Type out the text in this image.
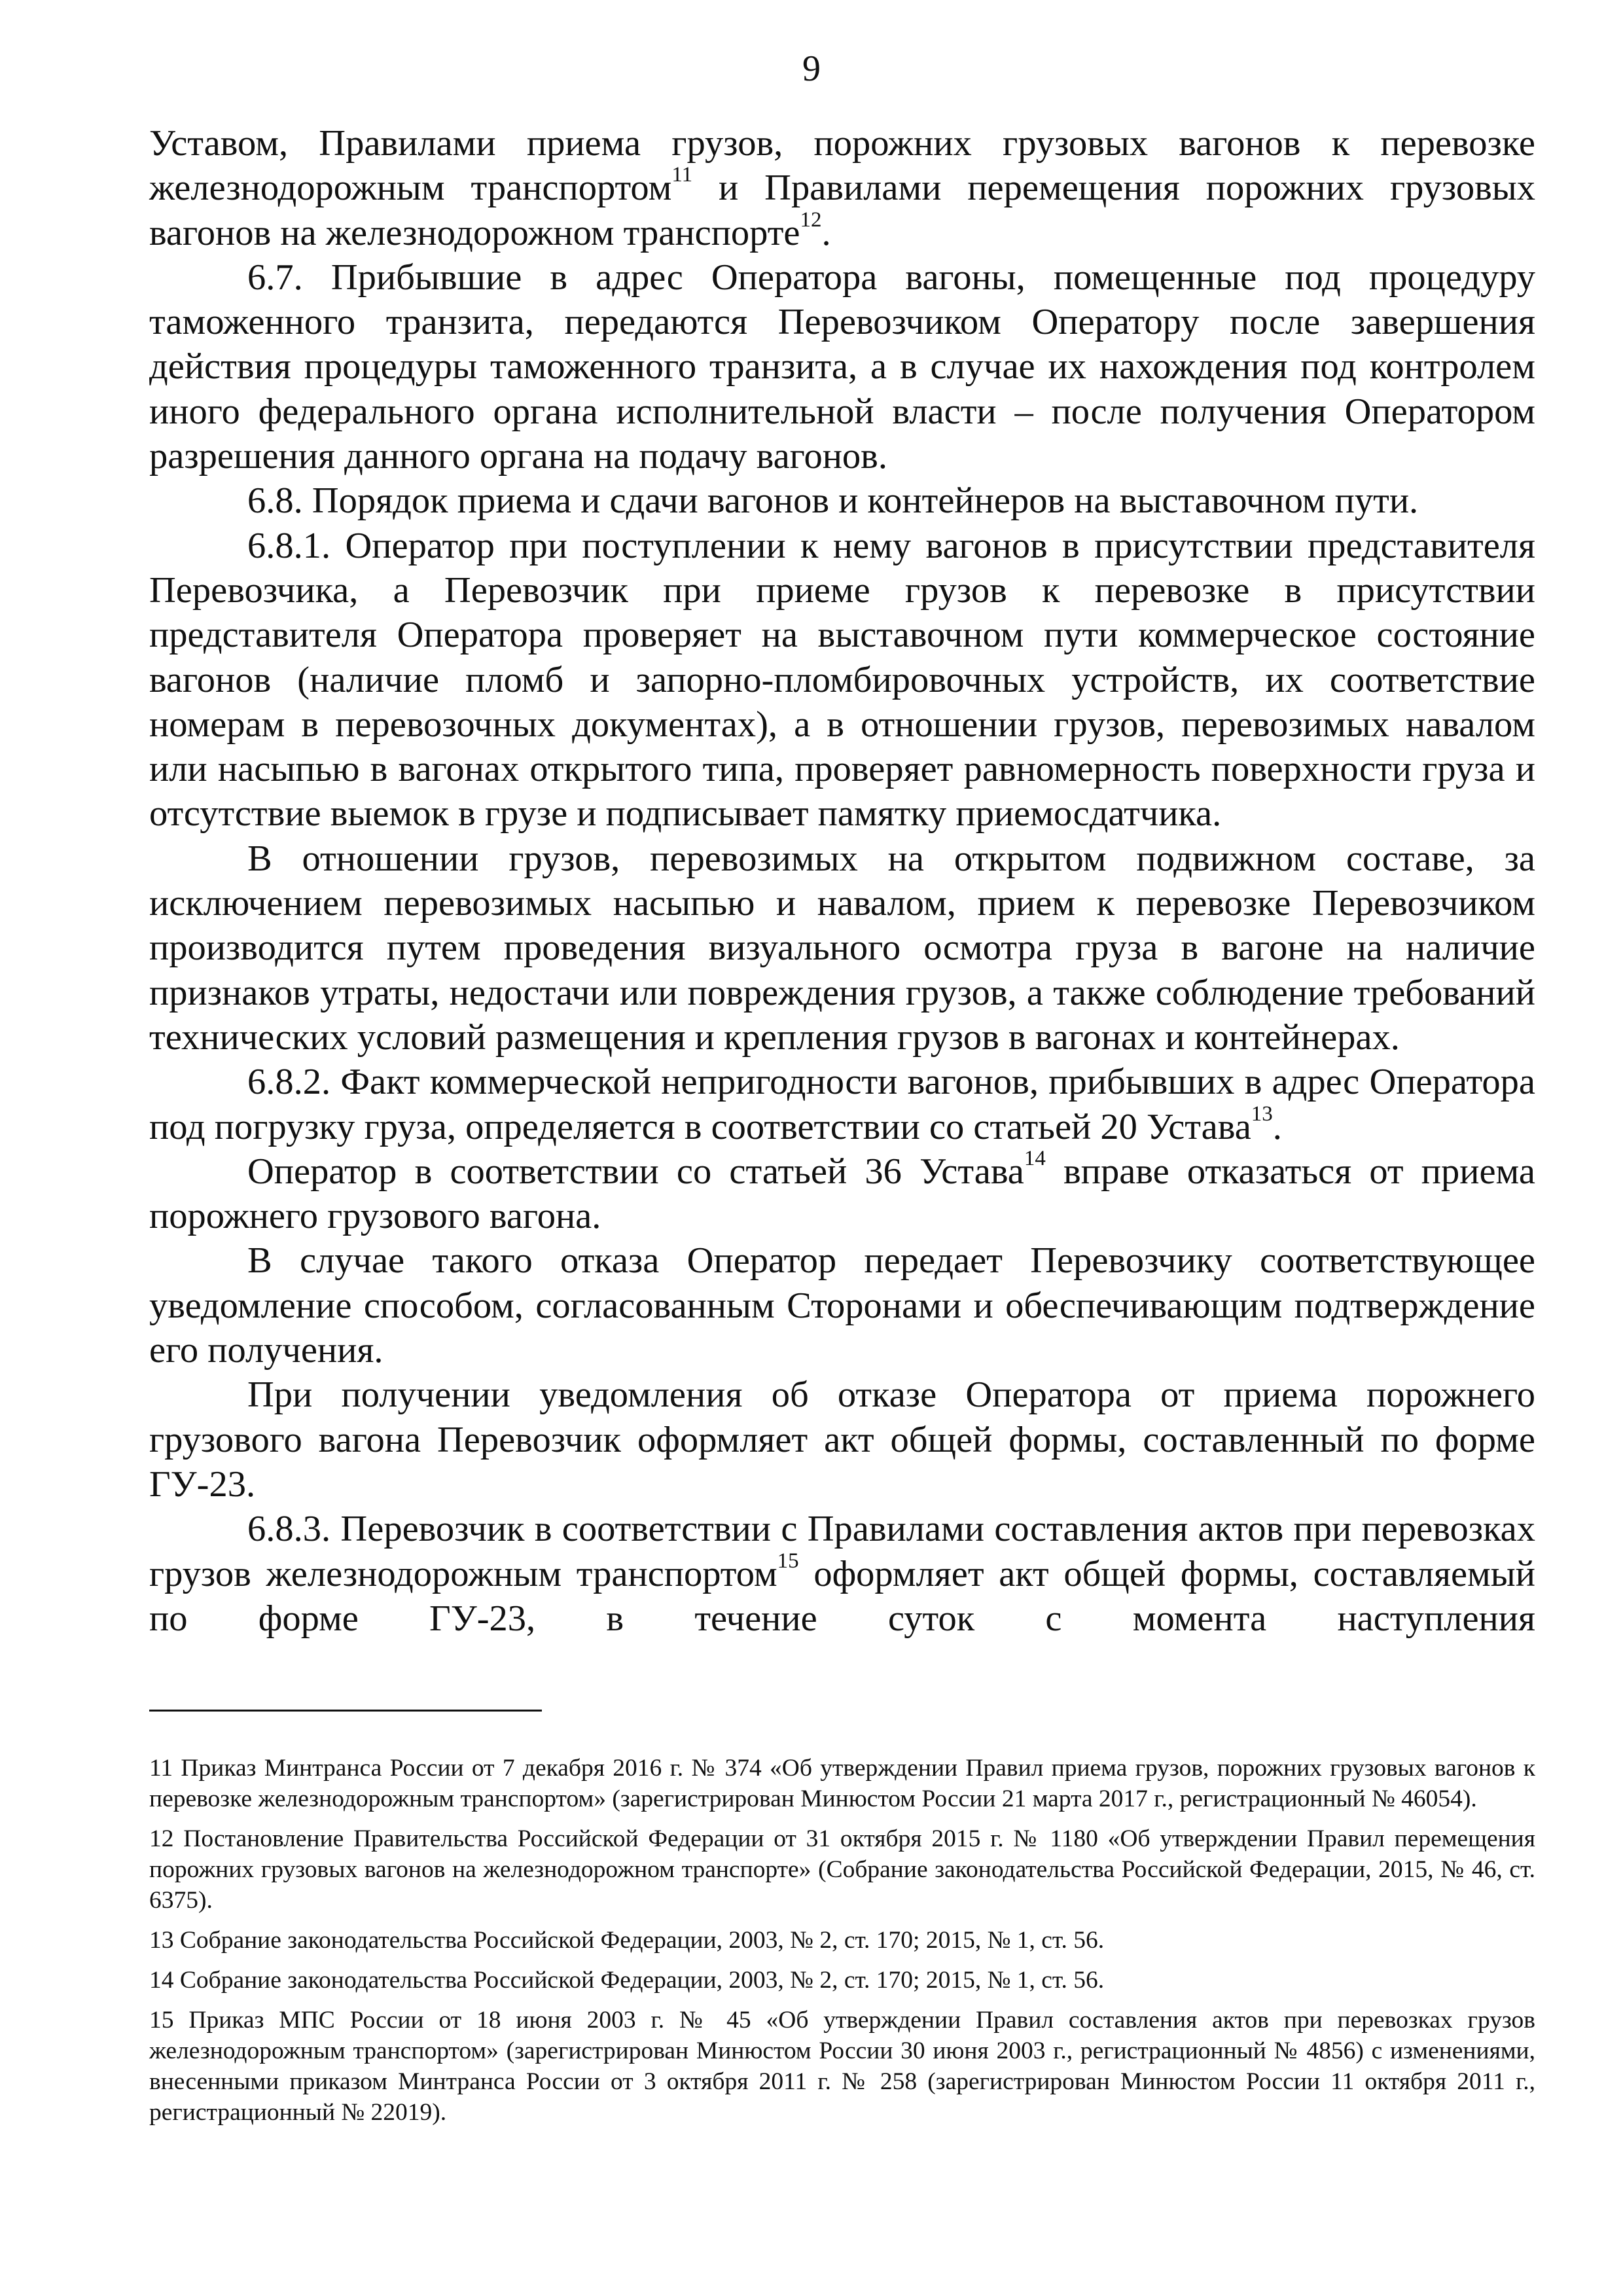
9

Уставом, Правилами приема грузов, порожних грузовых вагонов к перевозке железнодорожным транспортом$^{11}$ и Правилами перемещения порожних грузовых вагонов на железнодорожном транспорте$^{12}$.

6.7. Прибывшие в адрес Оператора вагоны, помещенные под процедуру таможенного транзита, передаются Перевозчиком Оператору после завершения действия процедуры таможенного транзита, а в случае их нахождения под контролем иного федерального органа исполнительной власти – после получения Оператором разрешения данного органа на подачу вагонов.

6.8. Порядок приема и сдачи вагонов и контейнеров на выставочном пути.

6.8.1. Оператор при поступлении к нему вагонов в присутствии представителя Перевозчика, а Перевозчик при приеме грузов к перевозке в присутствии представителя Оператора проверяет на выставочном пути коммерческое состояние вагонов (наличие пломб и запорно-пломбировочных устройств, их соответствие номерам в перевозочных документах), а в отношении грузов, перевозимых навалом или насыпью в вагонах открытого типа, проверяет равномерность поверхности груза и отсутствие выемок в грузе и подписывает памятку приемосдатчика.

В отношении грузов, перевозимых на открытом подвижном составе, за исключением перевозимых насыпью и навалом, прием к перевозке Перевозчиком производится путем проведения визуального осмотра груза в вагоне на наличие признаков утраты, недостачи или повреждения грузов, а также соблюдение требований технических условий размещения и крепления грузов в вагонах и контейнерах.

6.8.2. Факт коммерческой непригодности вагонов, прибывших в адрес Оператора под погрузку груза, определяется в соответствии со статьей 20 Устава$^{13}$.

Оператор в соответствии со статьей 36 Устава$^{14}$ вправе отказаться от приема порожнего грузового вагона.

В случае такого отказа Оператор передает Перевозчику соответствующее уведомление способом, согласованным Сторонами и обеспечивающим подтверждение его получения.

При получении уведомления об отказе Оператора от приема порожнего грузового вагона Перевозчик оформляет акт общей формы, составленный по форме ГУ-23.

6.8.3. Перевозчик в соответствии с Правилами составления актов при перевозках грузов железнодорожным транспортом$^{15}$ оформляет акт общей формы, составляемый по форме ГУ-23, в течение суток с момента наступления

11 Приказ Минтранса России от 7 декабря 2016 г. № 374 «Об утверждении Правил приема грузов, порожних грузовых вагонов к перевозке железнодорожным транспортом» (зарегистрирован Минюстом России 21 марта 2017 г., регистрационный № 46054).

12 Постановление Правительства Российской Федерации от 31 октября 2015 г. № 1180 «Об утверждении Правил перемещения порожних грузовых вагонов на железнодорожном транспорте» (Собрание законодательства Российской Федерации, 2015, № 46, ст. 6375).

13 Собрание законодательства Российской Федерации, 2003, № 2, ст. 170; 2015, № 1, ст. 56.

14 Собрание законодательства Российской Федерации, 2003, № 2, ст. 170; 2015, № 1, ст. 56.

15 Приказ МПС России от 18 июня 2003 г. № 45 «Об утверждении Правил составления актов при перевозках грузов железнодорожным транспортом» (зарегистрирован Минюстом России 30 июня 2003 г., регистрационный № 4856) с изменениями, внесенными приказом Минтранса России от 3 октября 2011 г. № 258 (зарегистрирован Минюстом России 11 октября 2011 г., регистрационный № 22019).
